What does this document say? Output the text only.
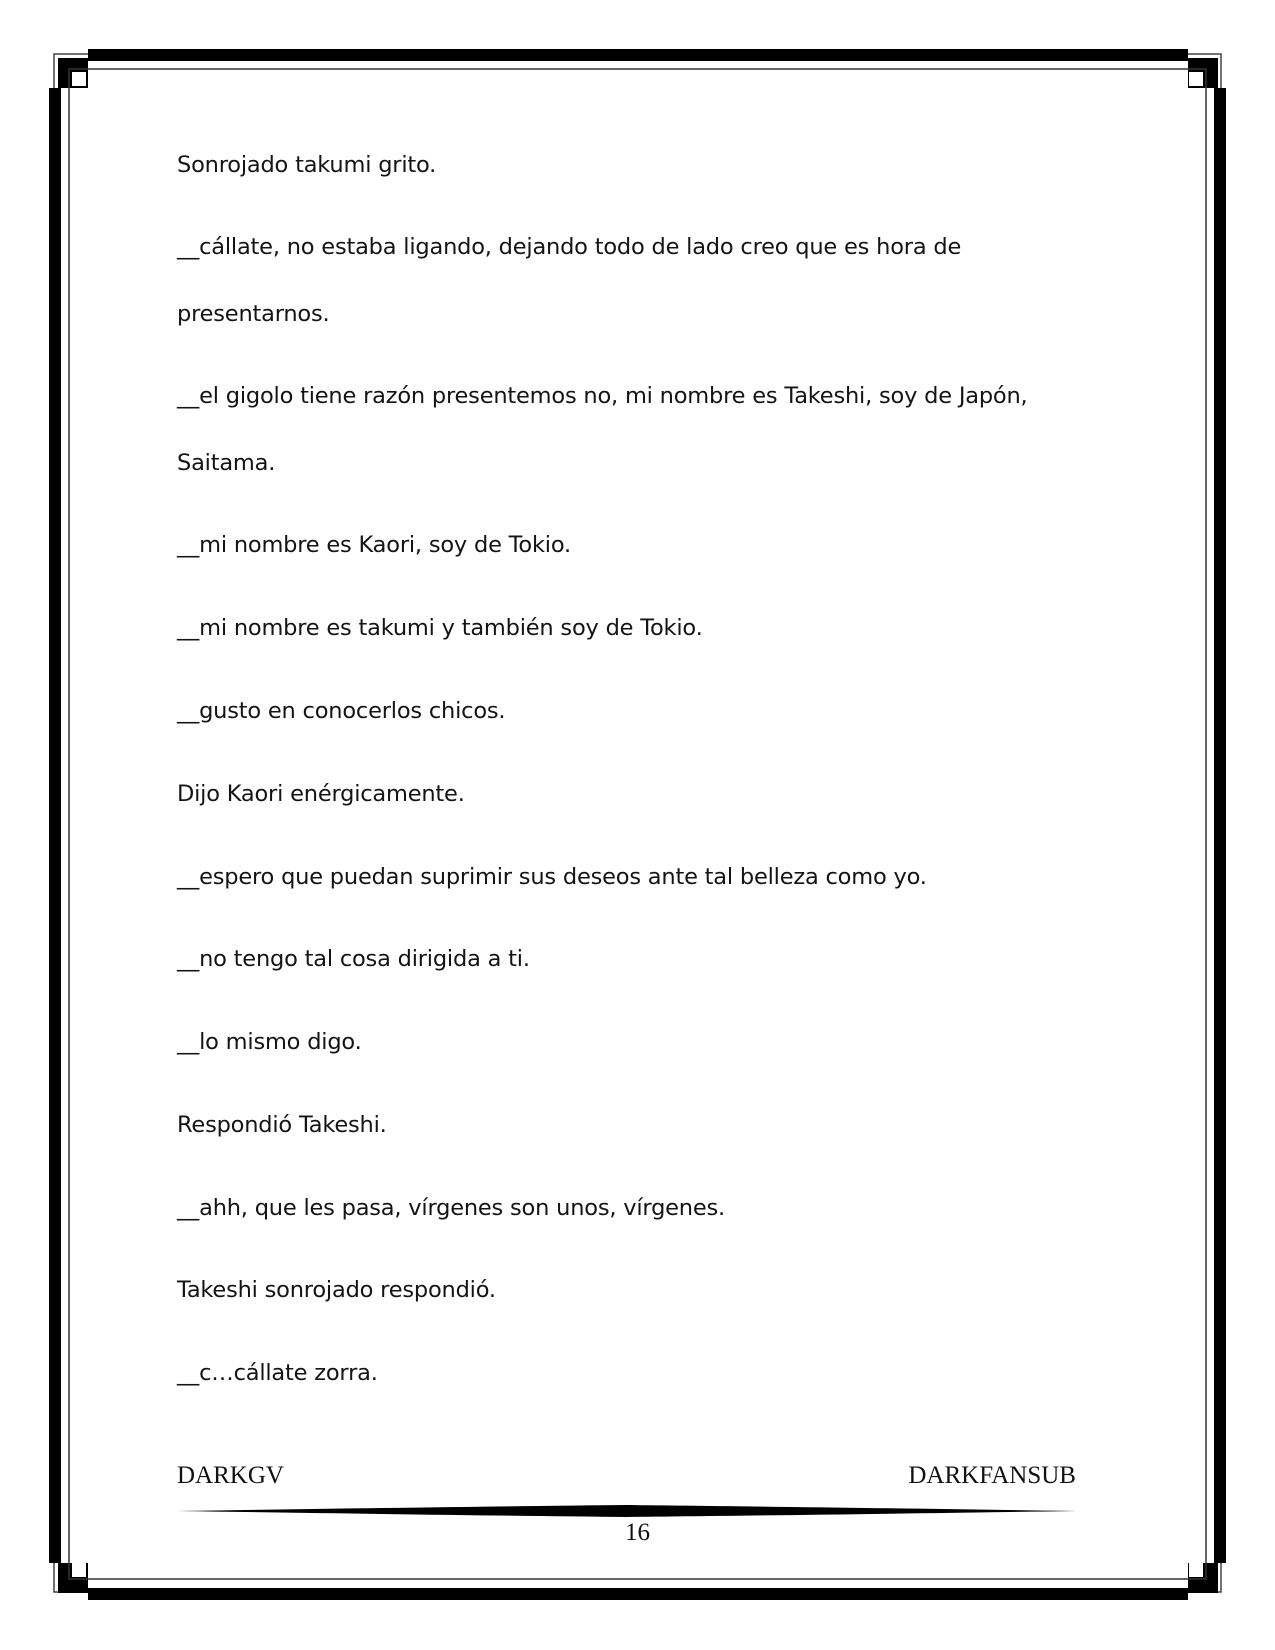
Sonrojado takumi grito.
__cállate, no estaba ligando, dejando todo de lado creo que es hora de
presentarnos.
__el gigolo tiene razón presentemos no, mi nombre es Takeshi, soy de Japón,
Saitama.
__mi nombre es Kaori, soy de Tokio.
__mi nombre es takumi y también soy de Tokio.
__gusto en conocerlos chicos.
Dijo Kaori enérgicamente.
__espero que puedan suprimir sus deseos ante tal belleza como yo.
__no tengo tal cosa dirigida a ti.
__lo mismo digo.
Respondió Takeshi.
__ahh, que les pasa, vírgenes son unos, vírgenes.
Takeshi sonrojado respondió.
__c…cállate zorra.
DARKGV	DARKFANSUB
16
